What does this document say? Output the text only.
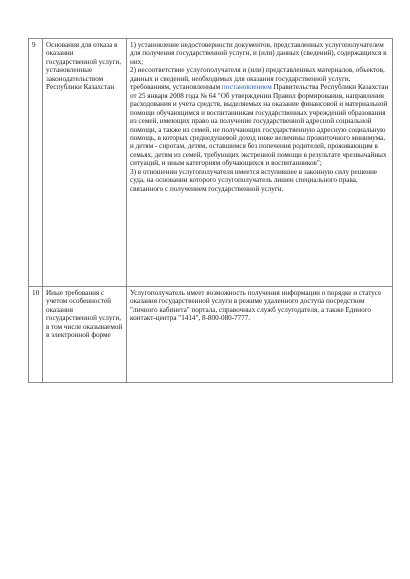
9	Основания для отказа в оказании государственной услуги, установленные законодательством Республики Казахстан	1) установление недостоверности документов, представленных услугополучателем для получения государственной услуги, и (или) данных (сведений), содержащихся в них;
2) несоответствие услугополучателя и (или) представленных материалов, объектов, данных и сведений, необходимых для оказания государственной услуги, требованиям, установленным постановлением Правительства Республики Казахстан от 25 января 2008 года № 64 "Об утверждении Правил формирования, направления расходования и учета средств, выделяемых на оказание финансовой и материальной помощи обучающимся и воспитанникам государственных учреждений образования из семей, имеющих право на получение государственной адресной социальной помощи, а также из семей, не получающих государственную адресную социальную помощь, в которых среднедушевой доход ниже величины прожиточного минимума, и детям - сиротам, детям, оставшимся без попечения родителей, проживающим в семьях, детям из семей, требующих экстренной помощи в результате чрезвычайных ситуаций, и иным категориям обучающихся и воспитанников";
3) в отношении услугополучателя имеется вступившее в законную силу решение суда, на основании которого услугополучатель лишен специального права, связанного с получением государственной услуги.
10	Иные требования с учетом особенностей оказания государственной услуги, в том числе оказываемой в электронной форме	Услугополучатель имеет возможность получения информации о порядке и статусе оказания государственной услуги в режиме удаленного доступа посредством "личного кабинета" портала, справочных служб услугодателя, а также Единого контакт-центра "1414", 8-800-080-7777.
